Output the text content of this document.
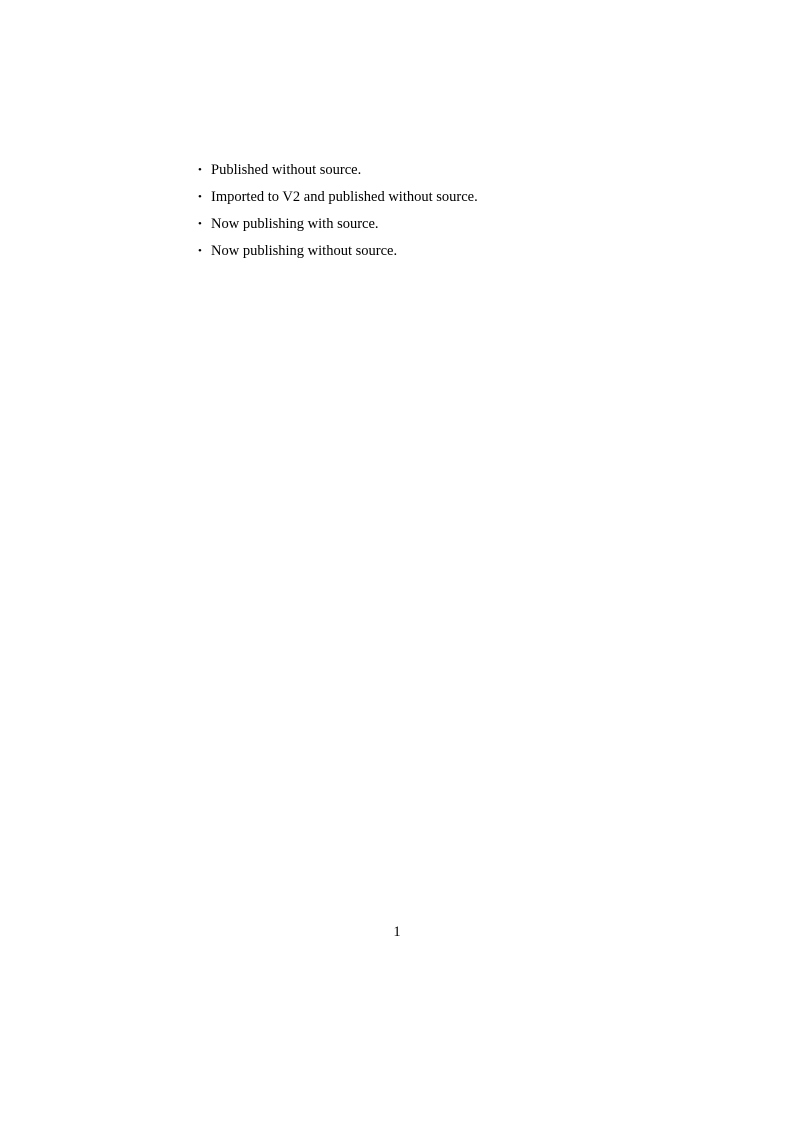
• Published without source.
• Imported to V2 and published without source.
• Now publishing with source.
• Now publishing without source.
1
